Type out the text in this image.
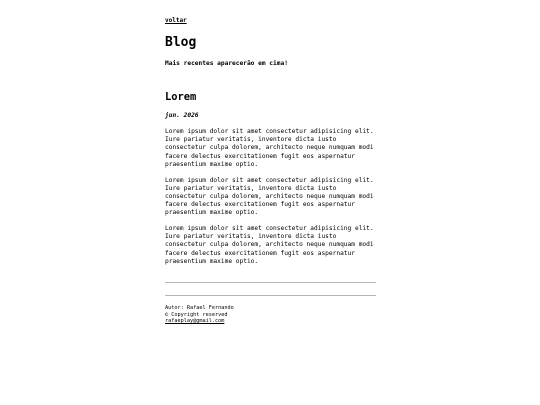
voltar
Blog

Mais recentes aparecerão em cima!

Lorem

jun. 2026

Lorem ipsum dolor sit amet consectetur adipisicing elit.
Iure pariatur veritatis, inventore dicta iusto
consectetur culpa dolorem, architecto neque numquam modi
facere delectus exercitationem fugit eos aspernatur
praesentium maxime optio.

Lorem ipsum dolor sit amet consectetur adipisicing elit.
Iure pariatur veritatis, inventore dicta iusto
consectetur culpa dolorem, architecto neque numquam modi
facere delectus exercitationem fugit eos aspernatur
praesentium maxime optio.

Lorem ipsum dolor sit amet consectetur adipisicing elit.
Iure pariatur veritatis, inventore dicta iusto
consectetur culpa dolorem, architecto neque numquam modi
facere delectus exercitationem fugit eos aspernatur
praesentium maxime optio.

Autor: Rafael Fernando
© Copyright reserved
rafaeplay@gmail.com
